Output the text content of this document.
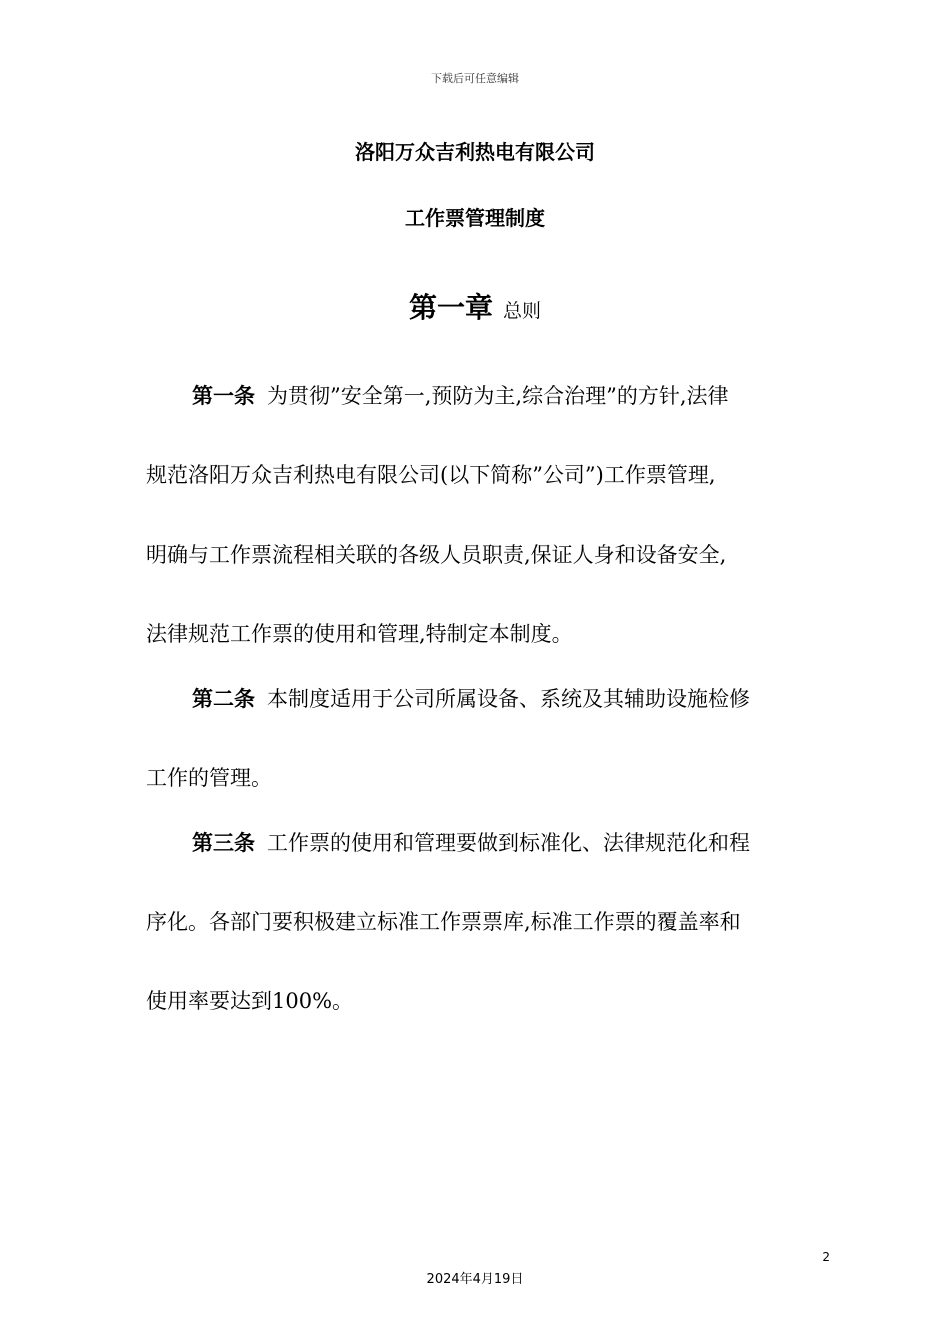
下载后可任意编辑
洛阳万众吉利热电有限公司
工作票管理制度
第一章 总则
第一条 为贯彻”安全第一,预防为主,综合治理”的方针,法律
规范洛阳万众吉利热电有限公司(以下简称”公司”)工作票管理,
明确与工作票流程相关联的各级人员职责,保证人身和设备安全,
法律规范工作票的使用和管理,特制定本制度。
第二条 本制度适用于公司所属设备、系统及其辅助设施检修
工作的管理。
第三条 工作票的使用和管理要做到标准化、法律规范化和程
序化。各部门要积极建立标准工作票票库,标准工作票的覆盖率和
使用率要达到100%。
2
2024年4月19日
